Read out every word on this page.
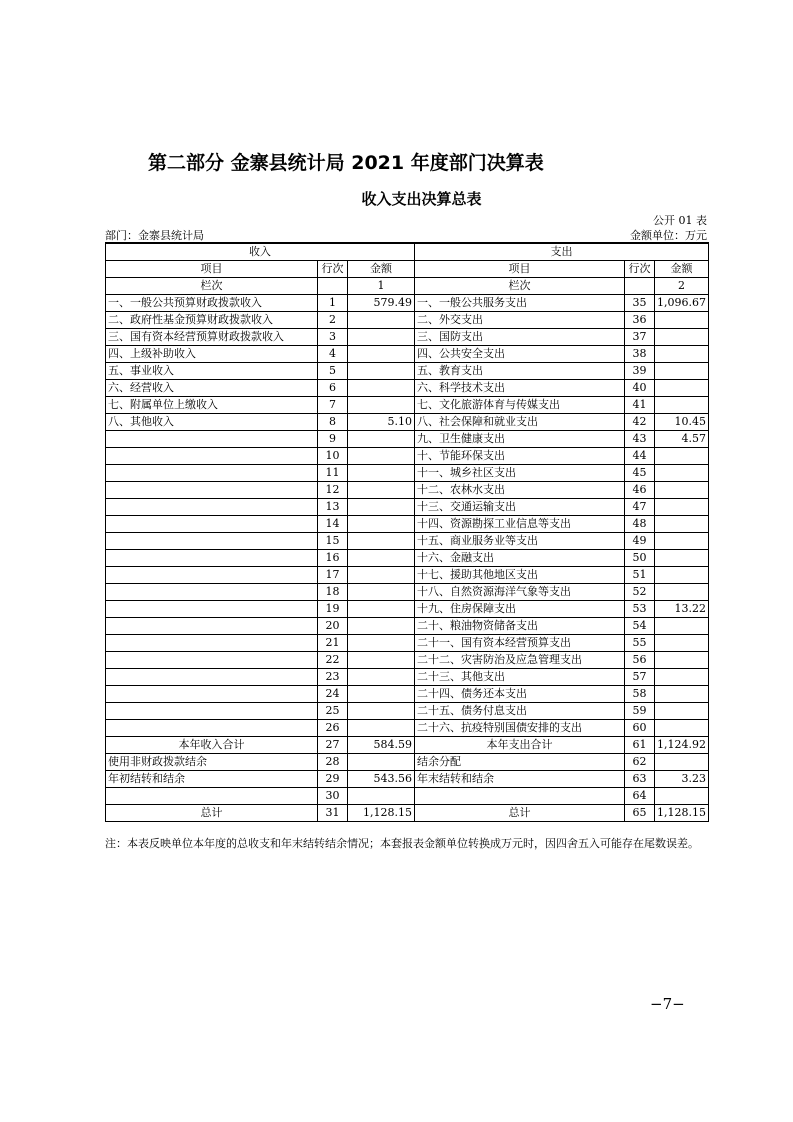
第二部分 金寨县统计局 2021 年度部门决算表
收入支出决算总表
公开 01 表
部门：金寨县统计局	金额单位：万元
收入			支出		
项目	行次	金额	项目	行次	金额
栏次		1	栏次		2
一、一般公共预算财政拨款收入	1	579.49	一、一般公共服务支出	35	1,096.67
二、政府性基金预算财政拨款收入	2		二、外交支出	36	
三、国有资本经营预算财政拨款收入	3		三、国防支出	37	
四、上级补助收入	4		四、公共安全支出	38	
五、事业收入	5		五、教育支出	39	
六、经营收入	6		六、科学技术支出	40	
七、附属单位上缴收入	7		七、文化旅游体育与传媒支出	41	
八、其他收入	8	5.10	八、社会保障和就业支出	42	10.45
	9		九、卫生健康支出	43	4.57
	10		十、节能环保支出	44	
	11		十一、城乡社区支出	45	
	12		十二、农林水支出	46	
	13		十三、交通运输支出	47	
	14		十四、资源勘探工业信息等支出	48	
	15		十五、商业服务业等支出	49	
	16		十六、金融支出	50	
	17		十七、援助其他地区支出	51	
	18		十八、自然资源海洋气象等支出	52	
	19		十九、住房保障支出	53	13.22
	20		二十、粮油物资储备支出	54	
	21		二十一、国有资本经营预算支出	55	
	22		二十二、灾害防治及应急管理支出	56	
	23		二十三、其他支出	57	
	24		二十四、债务还本支出	58	
	25		二十五、债务付息支出	59	
	26		二十六、抗疫特别国债安排的支出	60	
本年收入合计	27	584.59	本年支出合计	61	1,124.92
使用非财政拨款结余	28		结余分配	62	
年初结转和结余	29	543.56	年末结转和结余	63	3.23
	30			64	
总计	31	1,128.15	总计	65	1,128.15
注：本表反映单位本年度的总收支和年末结转结余情况；本套报表金额单位转换成万元时，因四舍五入可能存在尾数误差。
−7−
